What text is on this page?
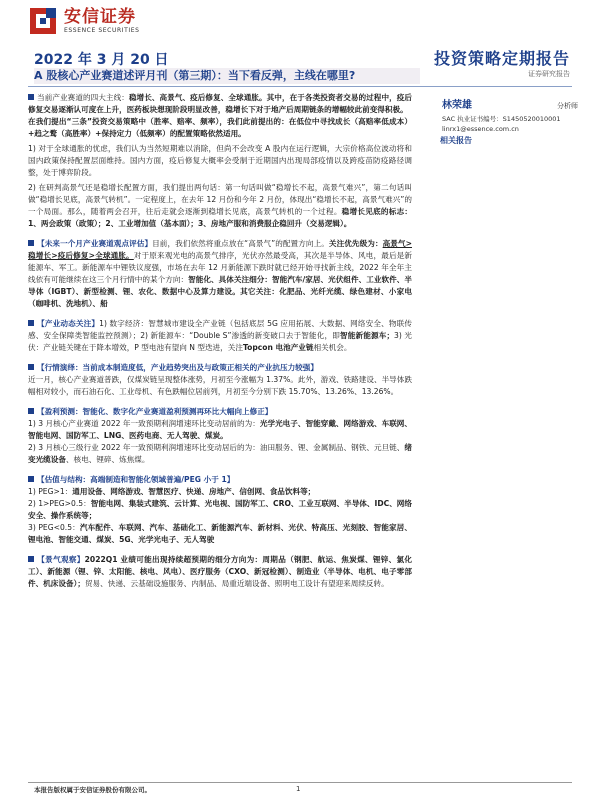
安信证券
ESSENCE SECURITIES
2022 年 3 月 20 日
A 股核心产业赛道述评月刊（第三期）：当下看反弹，主线在哪里?
投资策略定期报告
证券研究报告

当前产业赛道的四大主线：稳增长、高景气、疫后修复、全球通胀。其中，在于各类投资者交易的过程中，疫后修复交易逐渐认可度在上升，医药板块想现阶段明显改善，稳增长下对于地产后周期链条的增幅较此前变得积极。

在我们提出“三条”投资交易策略中（胜率、赔率、频率），我们此前提出的：在低位中寻找成长（高赔率低成本）+趋之鹜（高胜率）+保持定力（低频率）的配置策略依然适用。

1) 对于全球通胀的忧虑，我们认为当然短期难以消除，但尚不会改变 A 股内在运行逻辑，大宗价格高位波动将和国内政策保持配置层面维持。国内方面，疫后修复大概率会受制于近期国内出现局部疫情以及跨疫苗防疫路径调整，处于博弈阶段。

2) 在研判高景气还是稳增长配置方面，我们提出两句话：第一句话叫做“稳增长不起，高景气难兴”，第二句话叫做“稳增长见底，高景气转机”。一定程度上，在去年 12 月份和今年 2 月份，体现出“稳增长不起，高景气难兴”的一个局面。那么，随着两会召开，往后走就会逐渐到稳增长见底，高景气转机的一个过程。稳增长见底的标志：1、两会政策（政策）；2、工业增加值（基本面）；3、房地产服和消费服企稳回升（交易逻辑）。

【未来一个月产业赛道观点评估】目前，我们依然将重点放在“高景气”的配置方向上。关注优先级为：高景气>稳增长>疫后修复>全球通胀。对于原来观光电的高景气排序，光伏亦然最受高，其次是半导体、风电，最后是新能源车、军工。新能源车中锂铁议度强，市场在去年 12 月新能源下跌时就已经开始寻找新主线，2022 年全年主线依有可能继续在这三个月行情中的某个方向：智能化、具体关注细分：智能汽车/家居、光伏组件、工业软件、半导体（IGBT）、新型检测、锂、农化、数据中心及算力建设。其它关注：化肥品、光纤光缆、绿色建材、小家电（咖啡机、洗地机）、船

【产业动态关注】1) 数字经济：智慧城市建设全产业链（包括底层 5G 应用拓展、大数据、网络安全、物联传感、安全保障类智能监控预测）；2) 新能源车：“Double S”渗透的新变破口去于智能化，即智能新能源车；3) 光伏：产业链关键在于降本增效，P 型电池有望向 N 型迭进，关注Topcon 电池产业链相关机会。

【行情演绎：当前成本制造度低，产业趋势突出及与政策正相关的产业抗压力较强】

近一月，核心产业赛道普跌，仅煤炭链呈现整体涨势，月初至今涨幅为 1.37%。此外，游戏、铁路建设、半导体跌幅相对较小，而石油石化、工业母机、有色跌幅位居前列，月初至今分别下跌 15.70%、13.26%、13.26%。

【盈利预测：智能化、数字化产业赛道盈利预测再环比大幅向上修正】

1) 3 月核心产业赛道 2022 年一致预期利润增速环比变动居前的为：光学光电子、智能穿戴、网络游戏、车联网、智能电网、国防军工、LNG、医药电商、无人驾驶、煤炭。

2) 3 月核心三级行业 2022 年一致预期利润增速环比变动居后的为：油田服务、锂、金属制品、钢铁、元旦链、绪变光缆设备、核电、锂碎、炼焦煤。

【估值与结构：高端制造和智能化领域普遍/PEG 小于 1】

1) PEG>1：通用设备、网络游戏、智慧医疗、快递、房地产、信创网、食品饮料等；

2) 1>PEG>0.5：智能电网、集装式建筑、云计算、光电视、国防军工、CRO、工业互联网、半导体、IDC、网络安全、操作系统等；

3) PEG<0.5：汽车配件、车联网、汽车、基础化工、新能源汽车、新材料、光伏、特高压、光刻胶、智能家居、锂电池、智能交通、煤炭、5G、光学光电子、无人驾驶

【景气观察】2022Q1 业绩可能出现持续超预期的细分方向为：周期品（钢肥、航运、焦炭煤、锂锌、氯化工）、新能源（锂、锌、太阳能、核电、风电）、医疗服务（CXO、新冠检测）、制造业（半导体、电机、电子零部件、机床设备）；贸易、快递、云基础设施服务、内制品、局重近端设备、照明电工设计有望迎来周续反转。

林荣雄	分析师
SAC 执业证书编号：S1450520010001
linrx1@essence.com.cn
相关报告
本报告版权属于安信证券股份有限公司。	1
